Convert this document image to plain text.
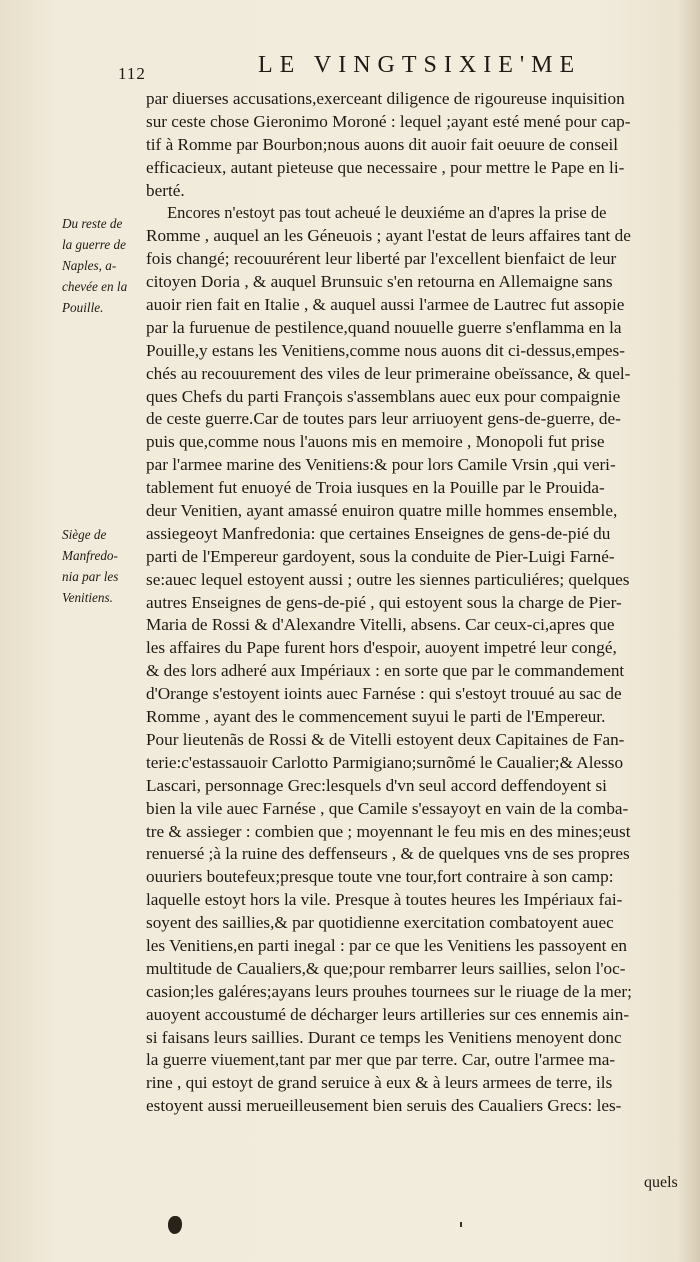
112	LE VINGTSIXIE'ME
Du reste de
la guerre de
Naples, a-
chevée en la
Pouille.
Siège de
Manfredo-
nia par les
Venitiens.
par diuerses accusations,exerceant diligence de rigoureuse inquisition
sur ceste chose Gieronimo Moroné : lequel ;ayant esté mené pour cap-
tif à Romme par Bourbon;nous auons dit auoir fait oeuure de conseil
efficacieux, autant pieteuse que necessaire , pour mettre le Pape en li-
berté.
Encores n'estoyt pas tout acheué le deuxiéme an d'apres la prise de
Romme , auquel an les Géneuois ; ayant l'estat de leurs affaires tant de
fois changé; recouurérent leur liberté par l'excellent bienfaict de leur
citoyen Doria , & auquel Brunsuic s'en retourna en Allemaigne sans
auoir rien fait en Italie , & auquel aussi l'armee de Lautrec fut assopie
par la furuenue de pestilence,quand nouuelle guerre s'enflamma en la
Pouille,y estans les Venitiens,comme nous auons dit ci-dessus,empes-
chés au recouurement des viles de leur primeraine obeïssance, & quel-
ques Chefs du parti François s'assemblans auec eux pour compaignie
de ceste guerre.Car de toutes pars leur arriuoyent gens-de-guerre, de-
puis que,comme nous l'auons mis en memoire , Monopoli fut prise
par l'armee marine des Venitiens:& pour lors Camile Vrsin ,qui veri-
tablement fut enuoyé de Troia iusques en la Pouille par le Prouida-
deur Venitien, ayant amassé enuiron quatre mille hommes ensemble,
assiegeoyt Manfredonia: que certaines Enseignes de gens-de-pié du
parti de l'Empereur gardoyent, sous la conduite de Pier-Luigi Farné-
se:auec lequel estoyent aussi ; outre les siennes particuliéres; quelques
autres Enseignes de gens-de-pié , qui estoyent sous la charge de Pier-
Maria de Rossi & d'Alexandre Vitelli, absens. Car ceux-ci,apres que
les affaires du Pape furent hors d'espoir, auoyent impetré leur congé,
& des lors adheré aux Impériaux : en sorte que par le commandement
d'Orange s'estoyent ioints auec Farnése : qui s'estoyt trouué au sac de
Romme , ayant des le commencement suyui le parti de l'Empereur.
Pour lieutenãs de Rossi & de Vitelli estoyent deux Capitaines de Fan-
terie:c'estassauoir Carlotto Parmigiano;surnõmé le Caualier;& Alesso
Lascari, personnage Grec:lesquels d'vn seul accord deffendoyent si
bien la vile auec Farnése , que Camile s'essayoyt en vain de la comba-
tre & assieger : combien que ; moyennant le feu mis en des mines;eust
renuersé ;à la ruine des deffenseurs , & de quelques vns de ses propres
ouuriers boutefeux;presque toute vne tour,fort contraire à son camp:
laquelle estoyt hors la vile. Presque à toutes heures les Impériaux fai-
soyent des saillies,& par quotidienne exercitation combatoyent auec
les Venitiens,en parti inegal : par ce que les Venitiens les passoyent en
multitude de Caualiers,& que;pour rembarrer leurs saillies, selon l'oc-
casion;les galéres;ayans leurs prouhes tournees sur le riuage de la mer;
auoyent accoustumé de décharger leurs artilleries sur ces ennemis ain-
si faisans leurs saillies. Durant ce temps les Venitiens menoyent donc
la guerre viuement,tant par mer que par terre. Car, outre l'armee ma-
rine , qui estoyt de grand seruice à eux & à leurs armees de terre, ils
estoyent aussi merueilleusement bien seruis des Caualiers Grecs: les-
quels
